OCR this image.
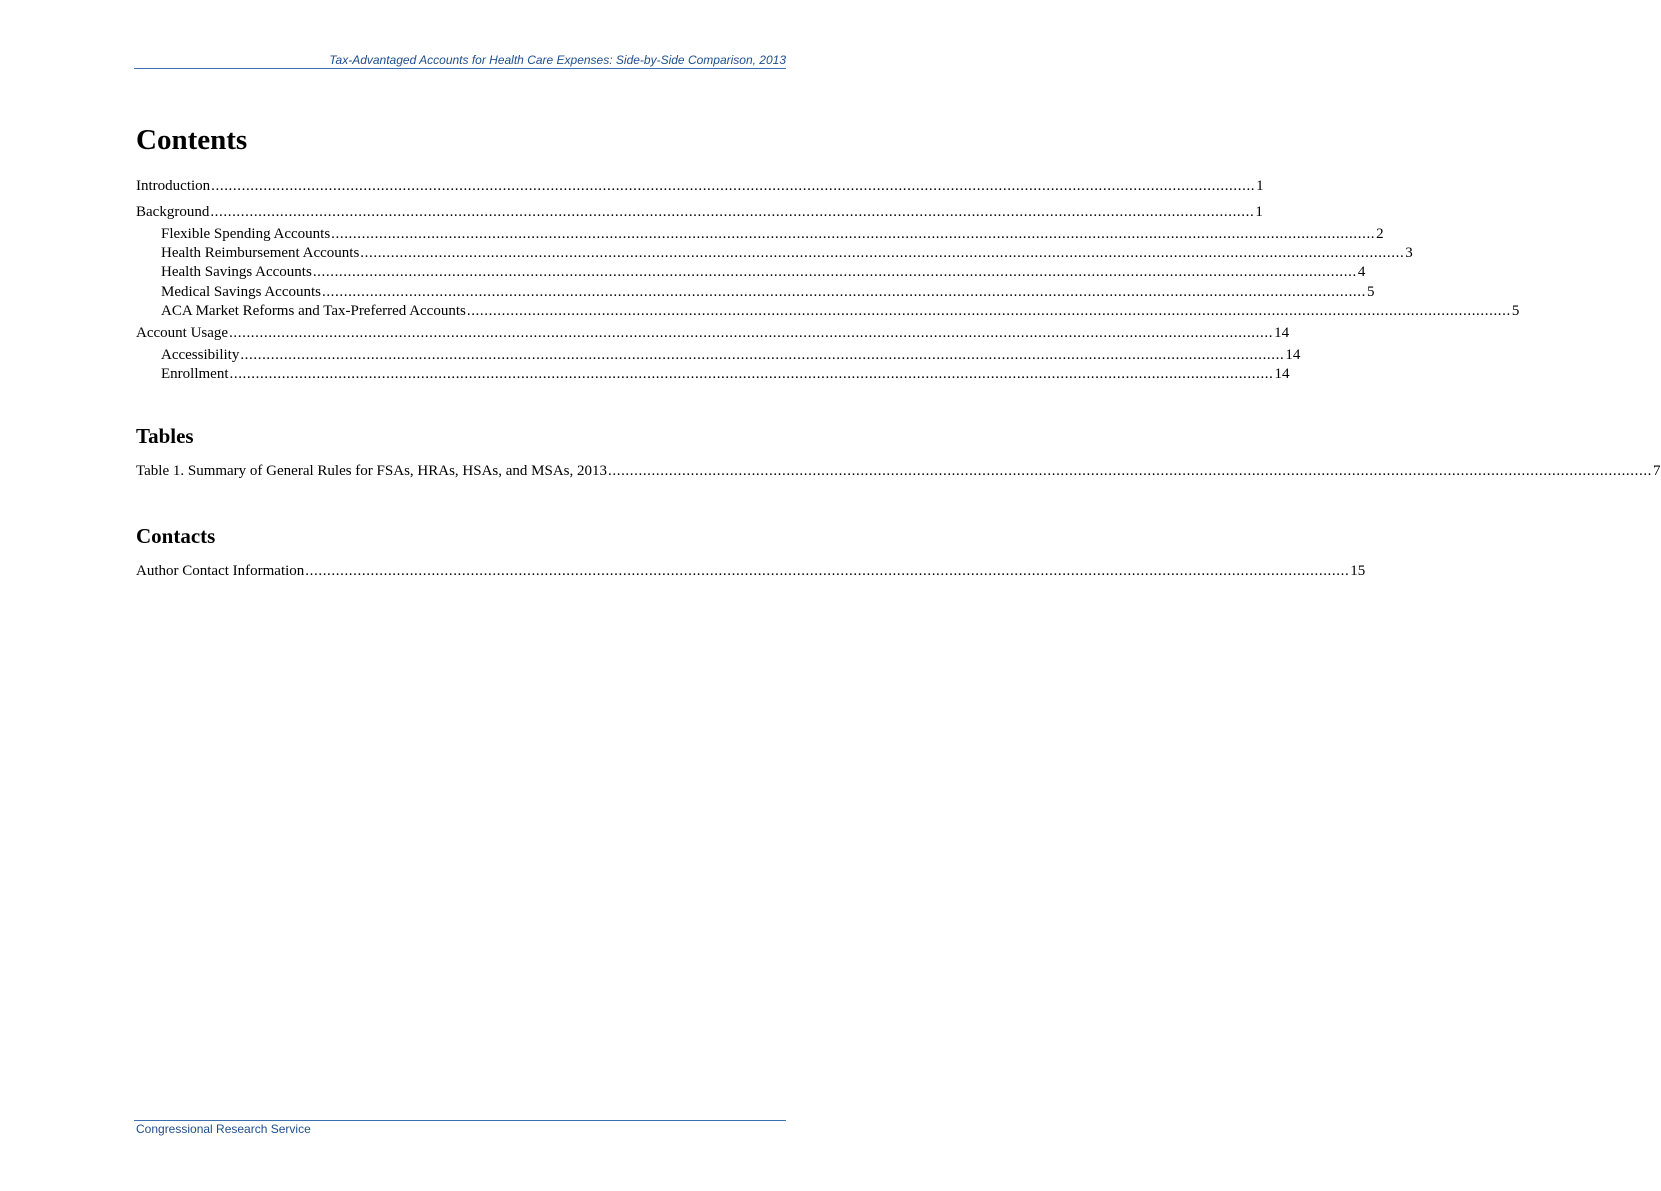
Tax-Advantaged Accounts for Health Care Expenses: Side-by-Side Comparison, 2013
Contents
Introduction ................................................................................................................................................................................................................................................ 1
Background ................................................................................................................................................................................................................................................ 1
Flexible Spending Accounts ................................................................................................................................................................................................................................................ 2
Health Reimbursement Accounts ................................................................................................................................................................................................................................................ 3
Health Savings Accounts ................................................................................................................................................................................................................................................ 4
Medical Savings Accounts ................................................................................................................................................................................................................................................ 5
ACA Market Reforms and Tax-Preferred Accounts ................................................................................................................................................................................................................................................ 5
Account Usage ................................................................................................................................................................................................................................................ 14
Accessibility ................................................................................................................................................................................................................................................ 14
Enrollment ................................................................................................................................................................................................................................................ 14
Tables
Table 1. Summary of General Rules for FSAs, HRAs, HSAs, and MSAs, 2013 ................................................................................................................................................................................................................................................ 7
Contacts
Author Contact Information ................................................................................................................................................................................................................................................ 15
Congressional Research Service
